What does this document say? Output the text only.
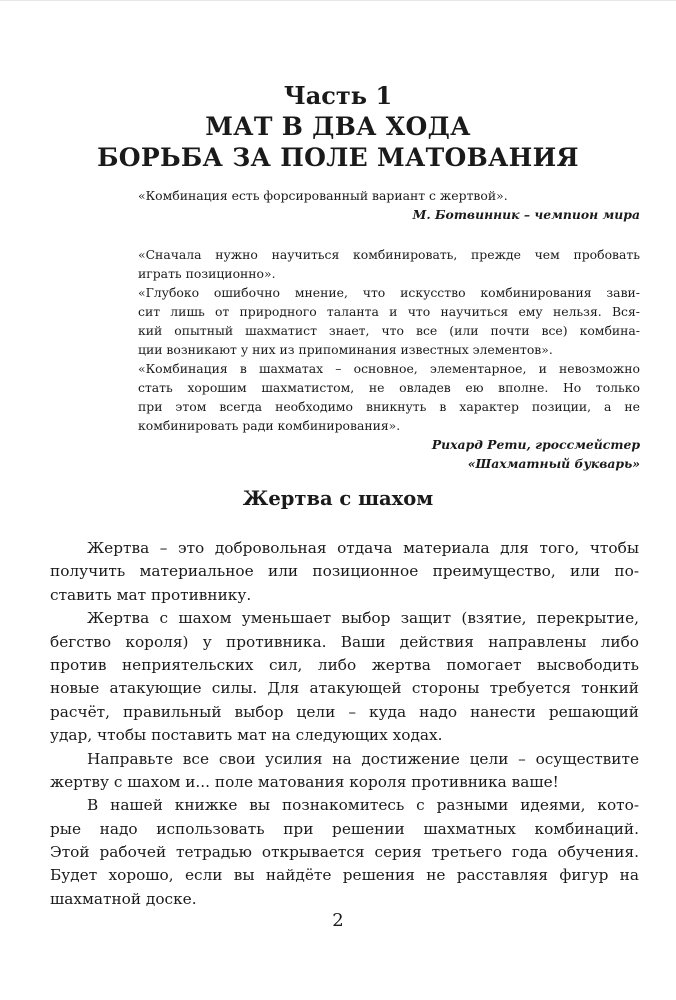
Часть 1
МАТ В ДВА ХОДА
БОРЬБА ЗА ПОЛЕ МАТОВАНИЯ
«Комбинация есть форсированный вариант с жертвой».
М. Ботвинник – чемпион мира
«Сначала нужно научиться комбинировать, прежде чем пробовать
играть позиционно».
«Глубоко ошибочно мнение, что искусство комбинирования зави-
сит лишь от природного таланта и что научиться ему нельзя. Вся-
кий опытный шахматист знает, что все (или почти все) комбина-
ции возникают у них из припоминания известных элементов».
«Комбинация в шахматах – основное, элементарное, и невозможно
стать хорошим шахматистом, не овладев ею вполне. Но только
при этом всегда необходимо вникнуть в характер позиции, а не
комбинировать ради комбинирования».
Рихард Рети, гроссмейстер
«Шахматный букварь»
Жертва с шахом
Жертва – это добровольная отдача материала для того, чтобы
получить материальное или позиционное преимущество, или по-
ставить мат противнику.
Жертва с шахом уменьшает выбор защит (взятие, перекрытие,
бегство короля) у противника. Ваши действия направлены либо
против неприятельских сил, либо жертва помогает высвободить
новые атакующие силы. Для атакующей стороны требуется тонкий
расчёт, правильный выбор цели – куда надо нанести решающий
удар, чтобы поставить мат на следующих ходах.
Направьте все свои усилия на достижение цели – осуществите
жертву с шахом и... поле матования короля противника ваше!
В нашей книжке вы познакомитесь с разными идеями, кото-
рые надо использовать при решении шахматных комбинаций.
Этой рабочей тетрадью открывается серия третьего года обучения.
Будет хорошо, если вы найдёте решения не расставляя фигур на
шахматной доске.
2
